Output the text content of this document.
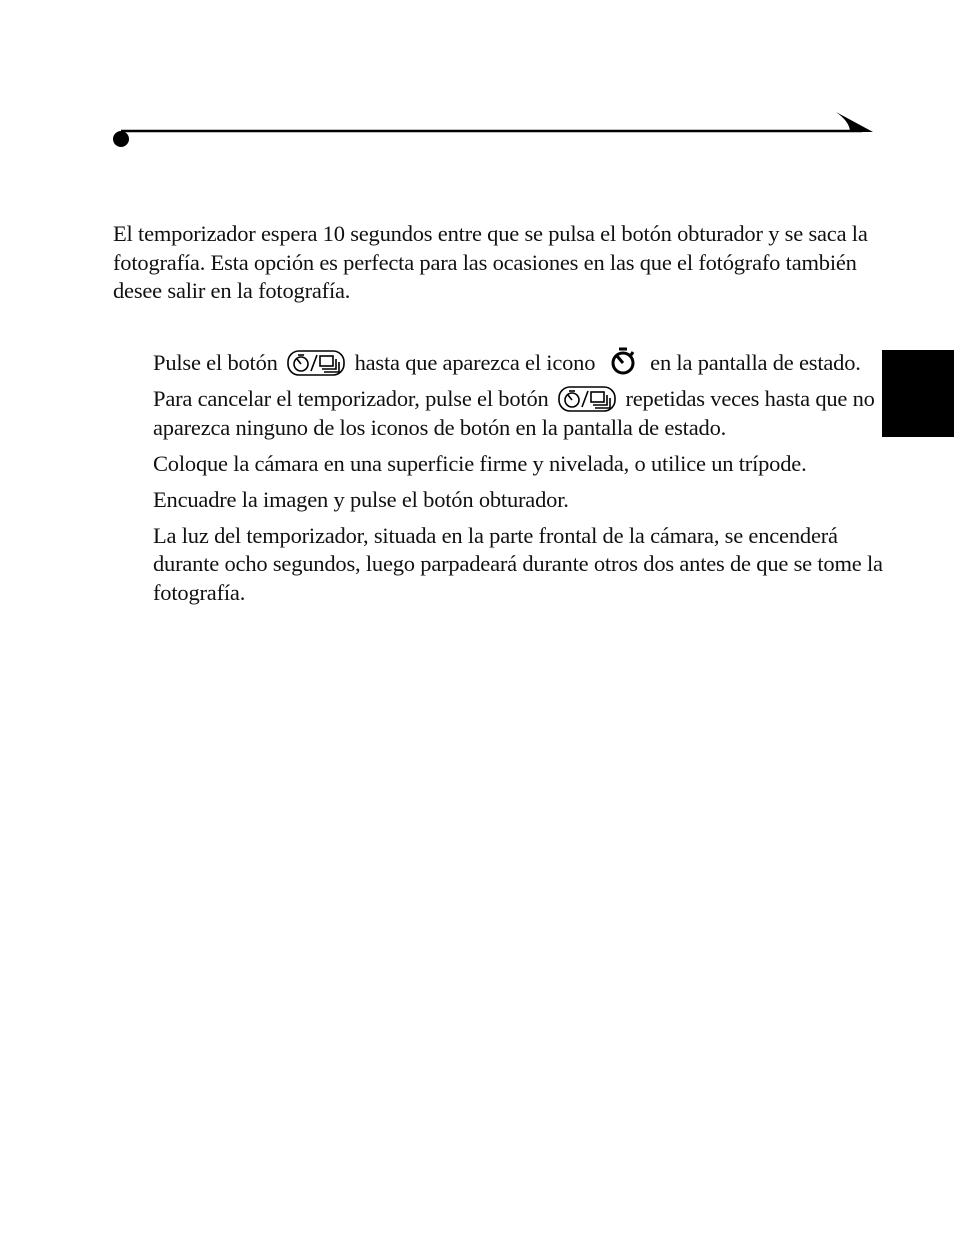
El temporizador espera 10 segundos entre que se pulsa el botón obturador y se saca la fotografía. Esta opción es perfecta para las ocasiones en las que el fotógrafo también desee salir en la fotografía.

Pulse el botón	hasta que aparezca el icono en la pantalla de estado.
Para cancelar el temporizador, pulse el botón	repetidas veces hasta que no aparezca ninguno de los iconos de botón en la pantalla de estado.
Coloque la cámara en una superficie firme y nivelada, o utilice un trípode.
Encuadre la imagen y pulse el botón obturador.
La luz del temporizador, situada en la parte frontal de la cámara, se encenderá durante ocho segundos, luego parpadeará durante otros dos antes de que se tome la fotografía.
